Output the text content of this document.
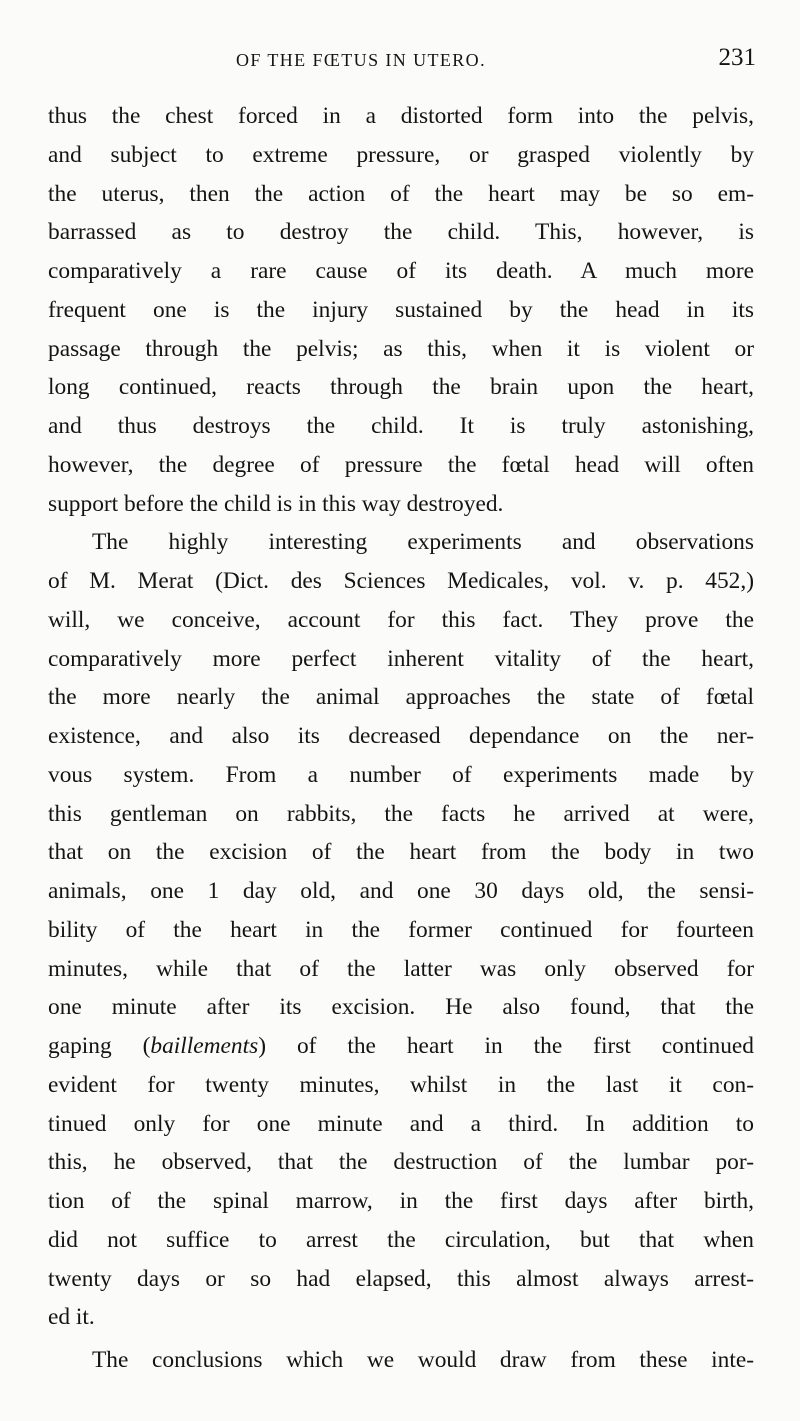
OF THE FŒTUS IN UTERO.	231

thus the chest forced in a distorted form into the pelvis,
and subject to extreme pressure, or grasped violently by
the uterus, then the action of the heart may be so em-
barrassed as to destroy the child. This, however, is
comparatively a rare cause of its death. A much more
frequent one is the injury sustained by the head in its
passage through the pelvis; as this, when it is violent or
long continued, reacts through the brain upon the heart,
and thus destroys the child. It is truly astonishing,
however, the degree of pressure the fœtal head will often
support before the child is in this way destroyed.

The highly interesting experiments and observations
of M. Merat (Dict. des Sciences Medicales, vol. v. p. 452,)
will, we conceive, account for this fact. They prove the
comparatively more perfect inherent vitality of the heart,
the more nearly the animal approaches the state of fœtal
existence, and also its decreased dependance on the ner-
vous system. From a number of experiments made by
this gentleman on rabbits, the facts he arrived at were,
that on the excision of the heart from the body in two
animals, one 1 day old, and one 30 days old, the sensi-
bility of the heart in the former continued for fourteen
minutes, while that of the latter was only observed for
one minute after its excision. He also found, that the
gaping (baillements) of the heart in the first continued
evident for twenty minutes, whilst in the last it con-
tinued only for one minute and a third. In addition to
this, he observed, that the destruction of the lumbar por-
tion of the spinal marrow, in the first days after birth,
did not suffice to arrest the circulation, but that when
twenty days or so had elapsed, this almost always arrest-
ed it.

The conclusions which we would draw from these inte-
